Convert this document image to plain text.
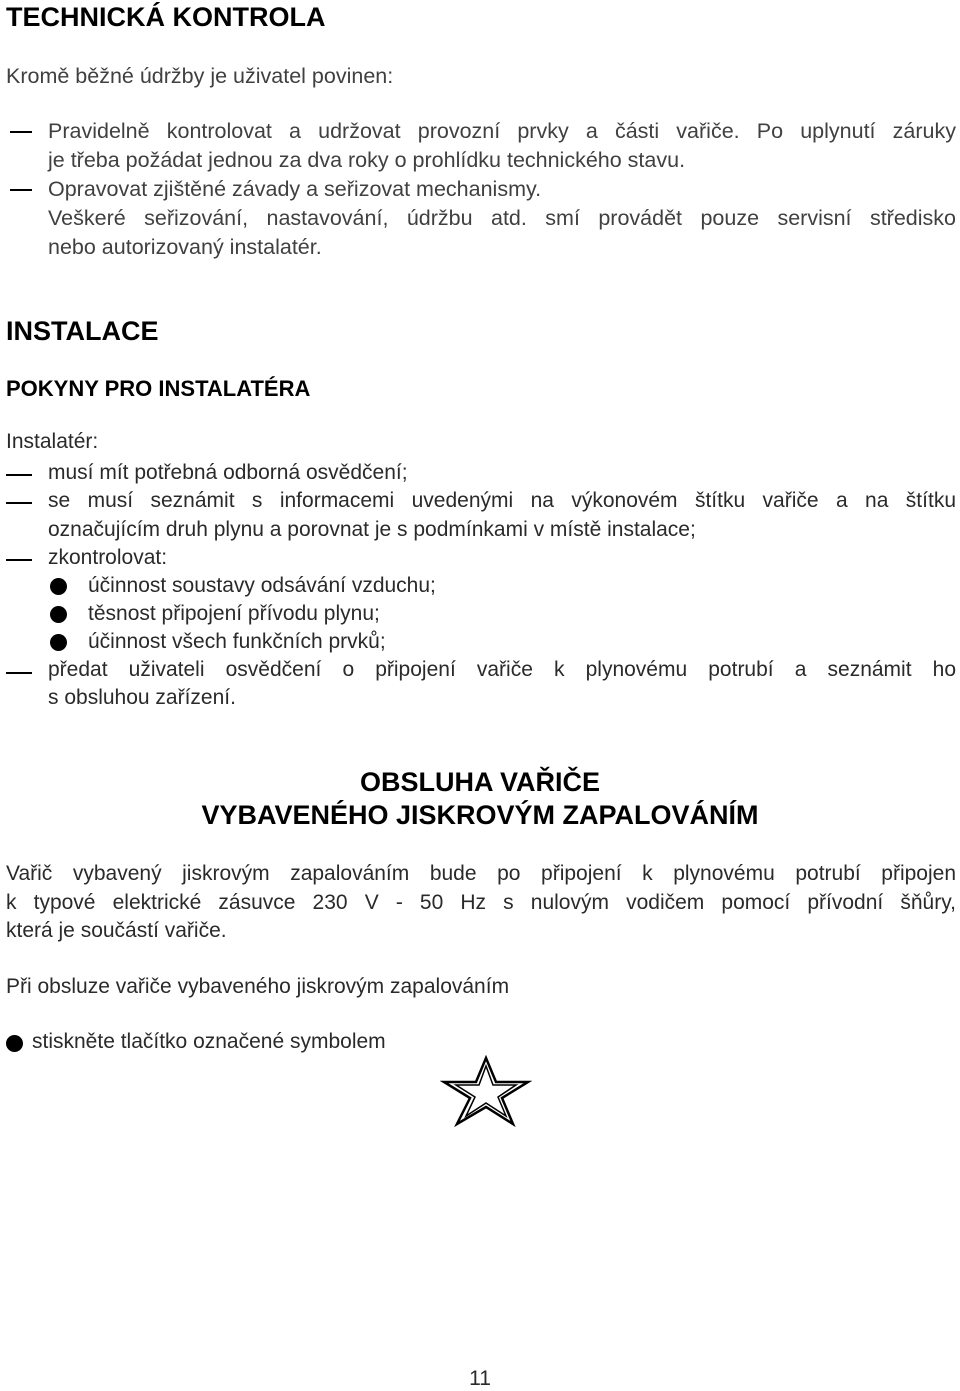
TECHNICKÁ KONTROLA
Kromě běžné údržby je uživatel povinen:
Pravidelně kontrolovat a udržovat provozní prvky a části vařiče. Po uplynutí záruky
je třeba požádat jednou za dva roky o prohlídku technického stavu.
Opravovat zjištěné závady a seřizovat mechanismy.
Veškeré seřizování, nastavování, údržbu atd. smí provádět pouze servisní středisko
nebo autorizovaný instalatér.
INSTALACE
POKYNY PRO INSTALATÉRA
Instalatér:
musí mít potřebná odborná osvědčení;
se musí seznámit s informacemi uvedenými na výkonovém štítku vařiče a na štítku
označujícím druh plynu a porovnat je s podmínkami v místě instalace;
zkontrolovat:
účinnost soustavy odsávání vzduchu;
těsnost připojení přívodu plynu;
účinnost všech funkčních prvků;
předat uživateli osvědčení o připojení vařiče k plynovému potrubí a seznámit ho
s obsluhou zařízení.
OBSLUHA VAŘIČE
VYBAVENÉHO JISKROVÝM ZAPALOVÁNÍM
Vařič vybavený jiskrovým zapalováním bude po připojení k plynovému potrubí připojen
k typové elektrické zásuvce 230 V - 50 Hz s nulovým vodičem pomocí přívodní šňůry,
která je součástí vařiče.
Při obsluze vařiče vybaveného jiskrovým zapalováním
stiskněte tlačítko označené symbolem
11
